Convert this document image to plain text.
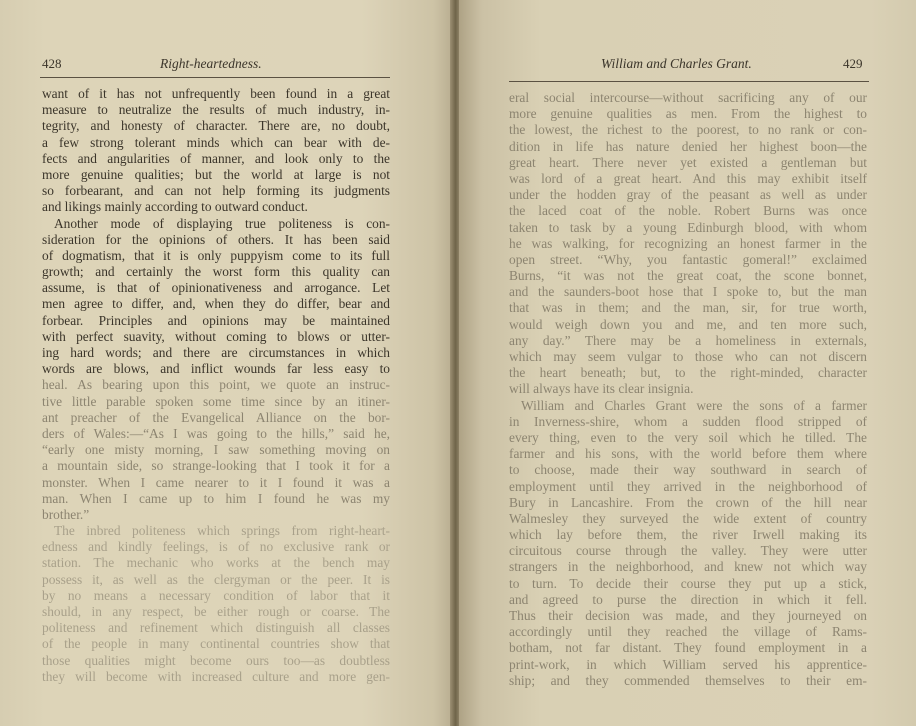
428	Right-heartedness.
want of it has not unfrequently been found in a great
measure to neutralize the results of much industry, in-
tegrity, and honesty of character. There are, no doubt,
a few strong tolerant minds which can bear with de-
fects and angularities of manner, and look only to the
more genuine qualities; but the world at large is not
so forbearant, and can not help forming its judgments
and likings mainly according to outward conduct.
Another mode of displaying true politeness is con-
sideration for the opinions of others. It has been said
of dogmatism, that it is only puppyism come to its full
growth; and certainly the worst form this quality can
assume, is that of opinionativeness and arrogance. Let
men agree to differ, and, when they do differ, bear and
forbear. Principles and opinions may be maintained
with perfect suavity, without coming to blows or utter-
ing hard words; and there are circumstances in which
words are blows, and inflict wounds far less easy to
heal. As bearing upon this point, we quote an instruc-
tive little parable spoken some time since by an itiner-
ant preacher of the Evangelical Alliance on the bor-
ders of Wales:—“As I was going to the hills,” said he,
“early one misty morning, I saw something moving on
a mountain side, so strange-looking that I took it for a
monster. When I came nearer to it I found it was a
man. When I came up to him I found he was my
brother.”
The inbred politeness which springs from right-heart-
edness and kindly feelings, is of no exclusive rank or
station. The mechanic who works at the bench may
possess it, as well as the clergyman or the peer. It is
by no means a necessary condition of labor that it
should, in any respect, be either rough or coarse. The
politeness and refinement which distinguish all classes
of the people in many continental countries show that
those qualities might become ours too—as doubtless
they will become with increased culture and more gen-
William and Charles Grant.	429
eral social intercourse—without sacrificing any of our
more genuine qualities as men. From the highest to
the lowest, the richest to the poorest, to no rank or con-
dition in life has nature denied her highest boon—the
great heart. There never yet existed a gentleman but
was lord of a great heart. And this may exhibit itself
under the hodden gray of the peasant as well as under
the laced coat of the noble. Robert Burns was once
taken to task by a young Edinburgh blood, with whom
he was walking, for recognizing an honest farmer in the
open street. “Why, you fantastic gomeral!” exclaimed
Burns, “it was not the great coat, the scone bonnet,
and the saunders-boot hose that I spoke to, but the man
that was in them; and the man, sir, for true worth,
would weigh down you and me, and ten more such,
any day.” There may be a homeliness in externals,
which may seem vulgar to those who can not discern
the heart beneath; but, to the right-minded, character
will always have its clear insignia.
William and Charles Grant were the sons of a farmer
in Inverness-shire, whom a sudden flood stripped of
every thing, even to the very soil which he tilled. The
farmer and his sons, with the world before them where
to choose, made their way southward in search of
employment until they arrived in the neighborhood of
Bury in Lancashire. From the crown of the hill near
Walmesley they surveyed the wide extent of country
which lay before them, the river Irwell making its
circuitous course through the valley. They were utter
strangers in the neighborhood, and knew not which way
to turn. To decide their course they put up a stick,
and agreed to purse the direction in which it fell.
Thus their decision was made, and they journeyed on
accordingly until they reached the village of Rams-
botham, not far distant. They found employment in a
print-work, in which William served his apprentice-
ship; and they commended themselves to their em-
